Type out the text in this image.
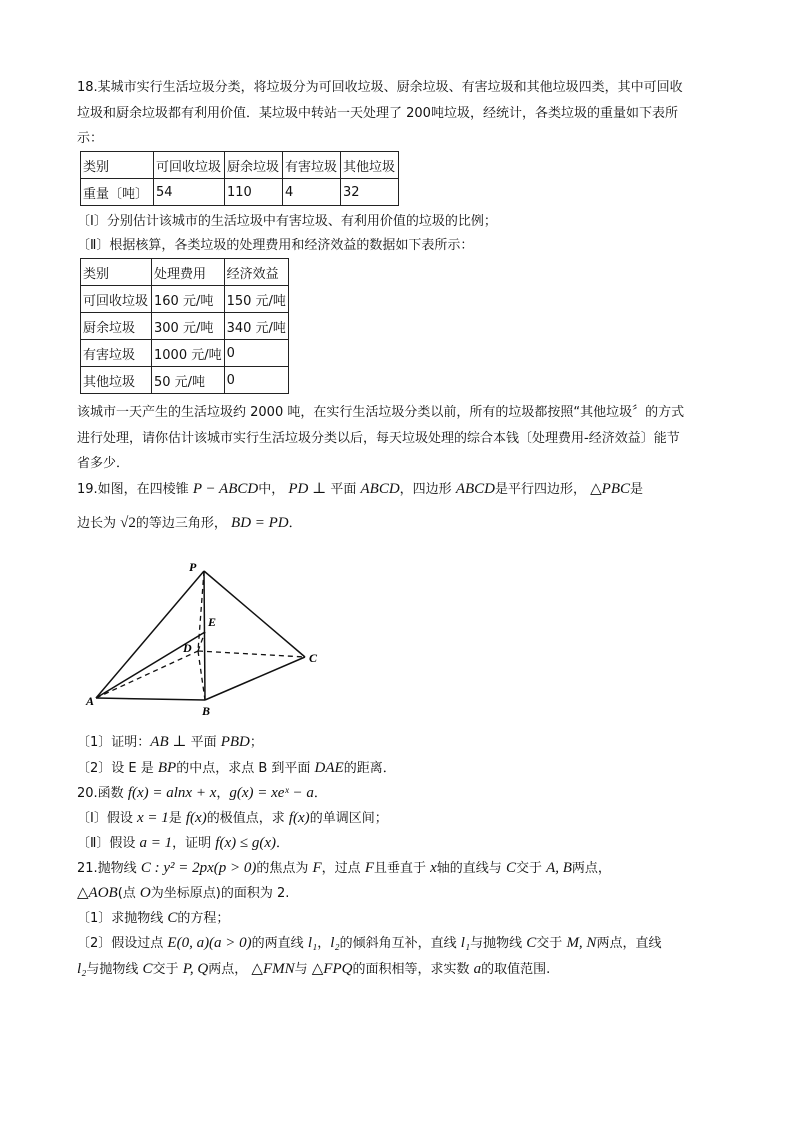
18.某城市实行生活垃圾分类，将垃圾分为可回收垃圾、厨余垃圾、有害垃圾和其他垃圾四类，其中可回收
垃圾和厨余垃圾都有利用价值．某垃圾中转站一天处理了 200吨垃圾，经统计，各类垃圾的重量如下表所
示：
类别	可回收垃圾	厨余垃圾	有害垃圾	其他垃圾
重量〔吨〕	54	110	4	32
〔Ⅰ〕分别估计该城市的生活垃圾中有害垃圾、有利用价值的垃圾的比例；
〔Ⅱ〕根据核算，各类垃圾的处理费用和经济效益的数据如下表所示：
类别	处理费用	经济效益
可回收垃圾	160 元/吨	150 元/吨
厨余垃圾	300 元/吨	340 元/吨
有害垃圾	1000 元/吨	0
其他垃圾	50 元/吨	0
该城市一天产生的生活垃圾约 2000 吨，在实行生活垃圾分类以前，所有的垃圾都按照“其他垃圾〞的方式
进行处理，请你估计该城市实行生活垃圾分类以后，每天垃圾处理的综合本钱〔处理费用-经济效益〕能节
省多少．
19.如图，在四棱锥 P − ABCD中， PD ⊥ 平面 ABCD，四边形 ABCD是平行四边形， △PBC是
边长为 √2的等边三角形， BD = PD．
P
E
D
C
A
B
〔1〕证明：AB ⊥ 平面 PBD；
〔2〕设 E 是 BP的中点，求点 B 到平面 DAE的距离．
20.函数 f(x) = alnx + x，g(x) = xeˣ − a．
〔Ⅰ〕假设 x = 1是 f(x)的极值点，求 f(x)的单调区间；
〔Ⅱ〕假设 a = 1，证明 f(x) ≤ g(x)．
21.抛物线 C : y² = 2px(p > 0)的焦点为 F，过点 F且垂直于 x轴的直线与 C交于 A, B两点，
△AOB(点 O为坐标原点)的面积为 2.
〔1〕求抛物线 C的方程；
〔2〕假设过点 E(0, a)(a > 0)的两直线 l₁，l₂的倾斜角互补，直线 l₁与抛物线 C交于 M, N两点，直线
l₂与抛物线 C交于 P, Q两点， △FMN与 △FPQ的面积相等，求实数 a的取值范围.
